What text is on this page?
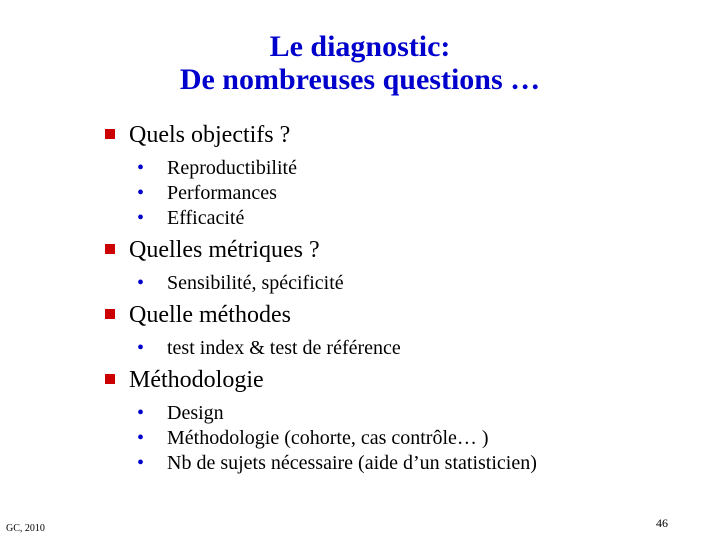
Le diagnostic:
De nombreuses questions …
Quels objectifs ?
• Reproductibilité
• Performances
• Efficacité
Quelles métriques ?
• Sensibilité, spécificité
Quelle méthodes
• test index & test de référence
Méthodologie
• Design
• Méthodologie (cohorte, cas contrôle… )
• Nb de sujets nécessaire (aide d’un statisticien)
GC, 2010	46
